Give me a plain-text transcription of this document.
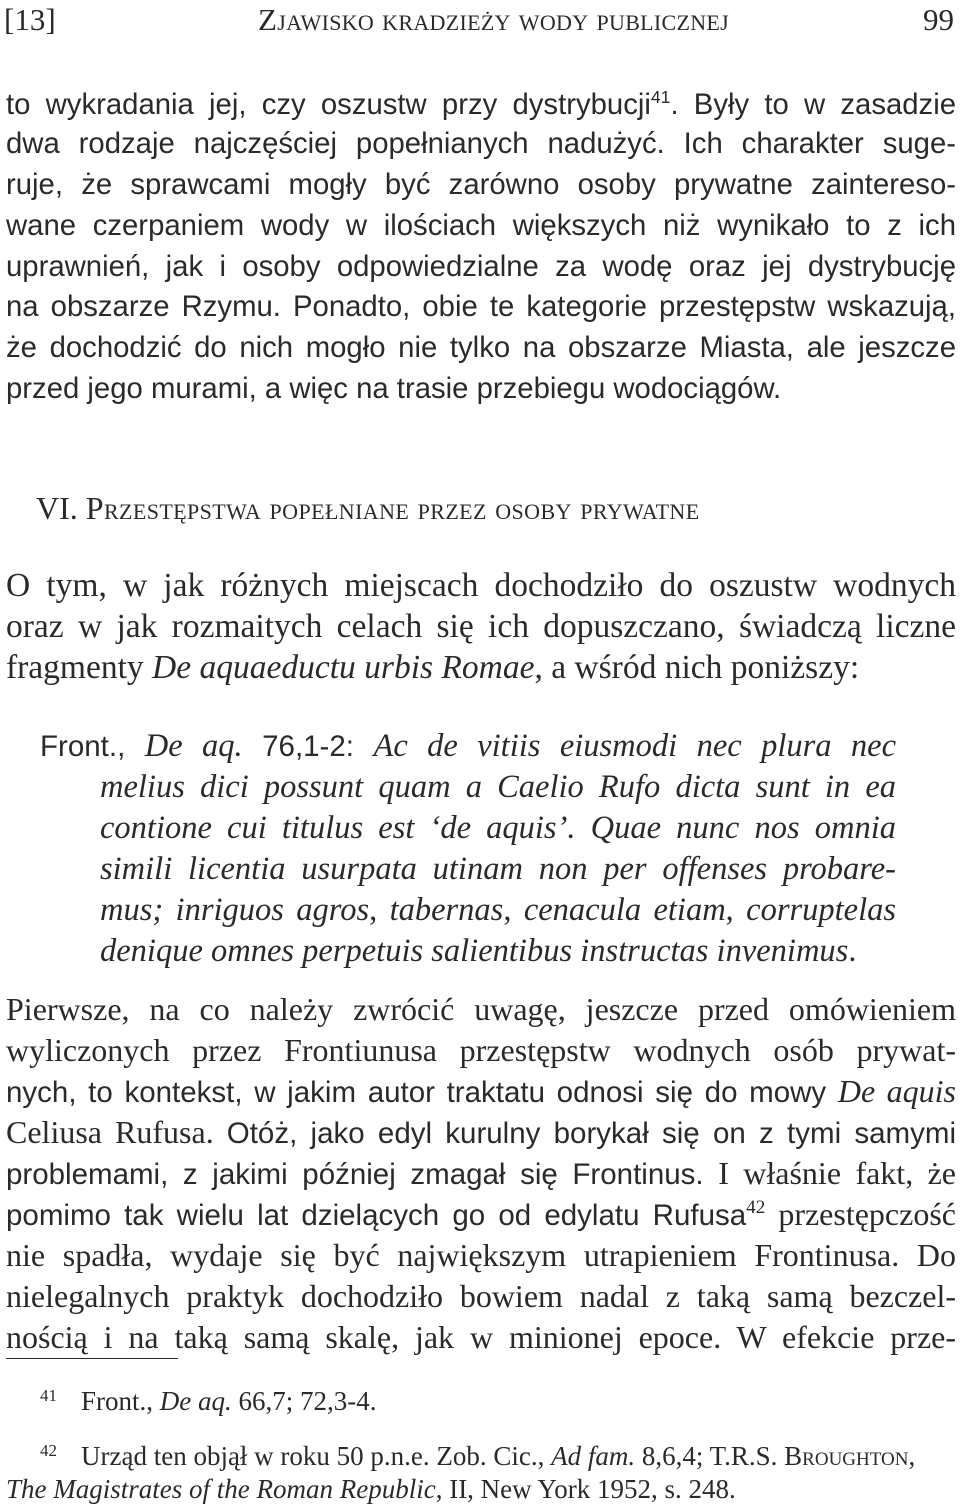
[13]	Zjawisko kradzieży wody publicznej	99
to wykradania jej, czy oszustw przy dystrybucji$^{41}$. Były to w zasadzie
dwa rodzaje najczęściej popełnianych nadużyć. Ich charakter suge-
ruje, że sprawcami mogły być zarówno osoby prywatne zaintereso-
wane czerpaniem wody w ilościach większych niż wynikało to z ich
uprawnień, jak i osoby odpowiedzialne za wodę oraz jej dystrybucję
na obszarze Rzymu. Ponadto, obie te kategorie przestępstw wskazują,
że dochodzić do nich mogło nie tylko na obszarze Miasta, ale jeszcze
przed jego murami, a więc na trasie przebiegu wodociągów.
VI. Przestępstwa popełniane przez osoby prywatne
O tym, w jak różnych miejscach dochodziło do oszustw wodnych
oraz w jak rozmaitych celach się ich dopuszczano, świadczą liczne
fragmenty De aquaeductu urbis Romae, a wśród nich poniższy:
Front., De aq. 76,1-2: Ac de vitiis eiusmodi nec plura nec
melius dici possunt quam a Caelio Rufo dicta sunt in ea
contione cui titulus est ‘de aquis’. Quae nunc nos omnia
simili licentia usurpata utinam non per offenses probare-
mus; inriguos agros, tabernas, cenacula etiam, corruptelas
denique omnes perpetuis salientibus instructas invenimus.
Pierwsze, na co należy zwrócić uwagę, jeszcze przed omówieniem
wyliczonych przez Frontiunusa przestępstw wodnych osób prywat-
nych, to kontekst, w jakim autor traktatu odnosi się do mowy De aquis
Celiusa Rufusa. Otóż, jako edyl kurulny borykał się on z tymi samymi
problemami, z jakimi później zmagał się Frontinus. I właśnie fakt, że
pomimo tak wielu lat dzielących go od edylatu Rufusa$^{42}$ przestępczość
nie spadła, wydaje się być największym utrapieniem Frontinusa. Do
nielegalnych praktyk dochodziło bowiem nadal z taką samą bezczel-
nością i na taką samą skalę, jak w minionej epoce. W efekcie prze-
$^{41}$ Front., De aq. 66,7; 72,3-4.
$^{42}$ Urząd ten objął w roku 50 p.n.e. Zob. Cic., Ad fam. 8,6,4; T.R.S. Broughton,
The Magistrates of the Roman Republic, II, New York 1952, s. 248.
